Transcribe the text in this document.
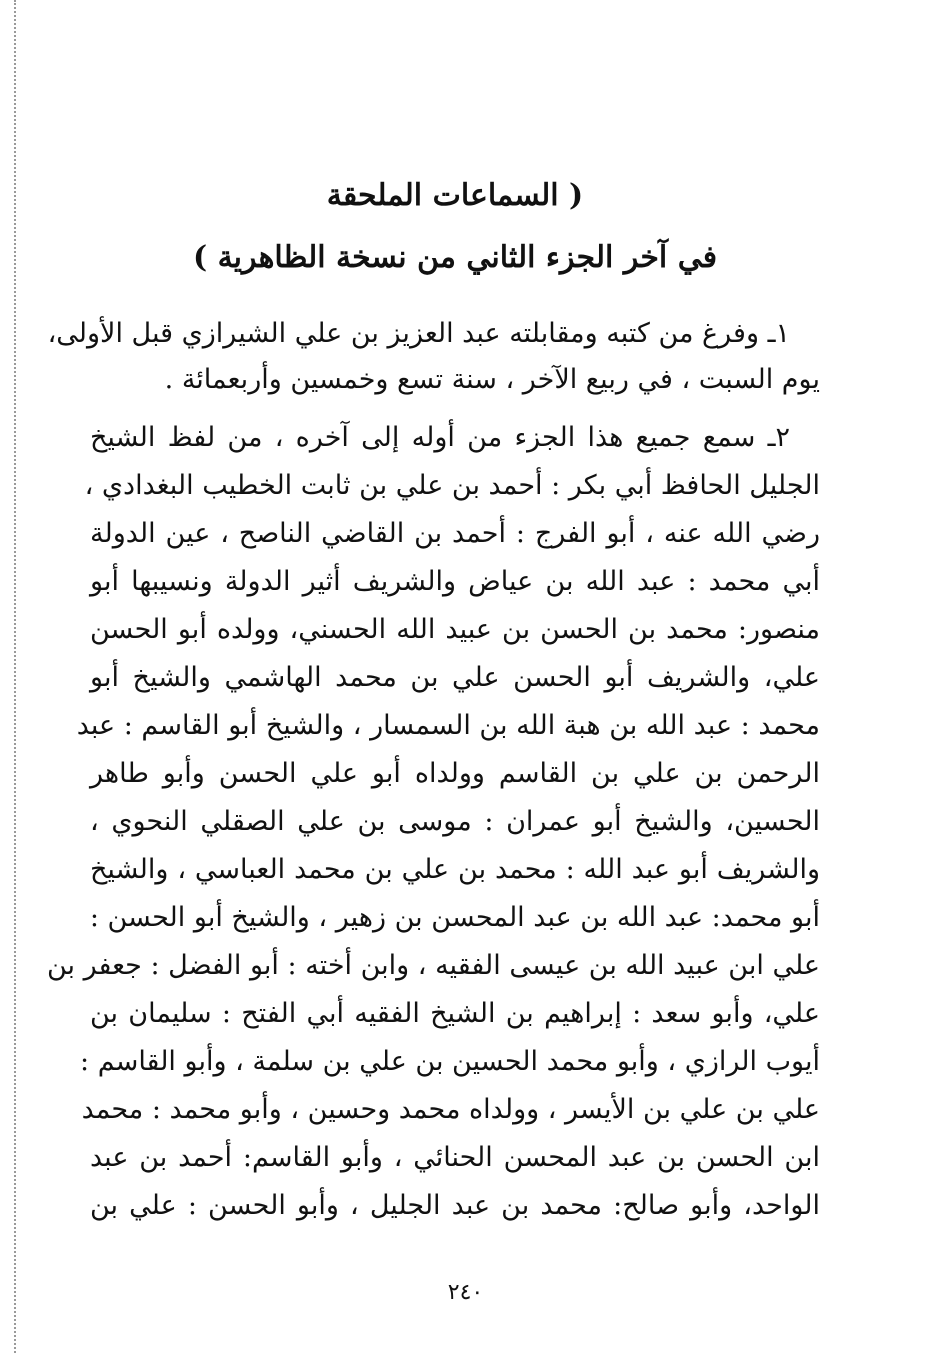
( السماعات الملحقة
في آخر الجزء الثاني من نسخة الظاهرية )
١ـ وفرغ من كتبه ومقابلته عبد العزيز بن علي الشيرازي قبل الأولى،
يوم السبت ، في ربيع الآخر ، سنة تسع وخمسين وأربعمائة .
٢ـ سمع جميع هذا الجزء من أوله إلى آخره ، من لفظ الشيخ
الجليل الحافظ أبي بكر : أحمد بن علي بن ثابت الخطيب البغدادي ،
رضي الله عنه ، أبو الفرج : أحمد بن القاضي الناصح ، عين الدولة
أبي محمد : عبد الله بن عياض والشريف أثير الدولة ونسيبها أبو
منصور: محمد بن الحسن بن عبيد الله الحسني، وولده أبو الحسن
علي، والشريف أبو الحسن علي بن محمد الهاشمي والشيخ أبو
محمد : عبد الله بن هبة الله بن السمسار ، والشيخ أبو القاسم : عبد
الرحمن بن علي بن القاسم وولداه أبو علي الحسن وأبو طاهر
الحسين، والشيخ أبو عمران : موسى بن علي الصقلي النحوي ،
والشريف أبو عبد الله : محمد بن علي بن محمد العباسي ، والشيخ
أبو محمد: عبد الله بن عبد المحسن بن زهير ، والشيخ أبو الحسن :
علي ابن عبيد الله بن عيسى الفقيه ، وابن أخته : أبو الفضل : جعفر بن
علي، وأبو سعد : إبراهيم بن الشيخ الفقيه أبي الفتح : سليمان بن
أيوب الرازي ، وأبو محمد الحسين بن علي بن سلمة ، وأبو القاسم :
علي بن علي بن الأيسر ، وولداه محمد وحسين ، وأبو محمد : محمد
ابن الحسن بن عبد المحسن الحنائي ، وأبو القاسم: أحمد بن عبد
الواحد، وأبو صالح: محمد بن عبد الجليل ، وأبو الحسن : علي بن
٢٤٠
